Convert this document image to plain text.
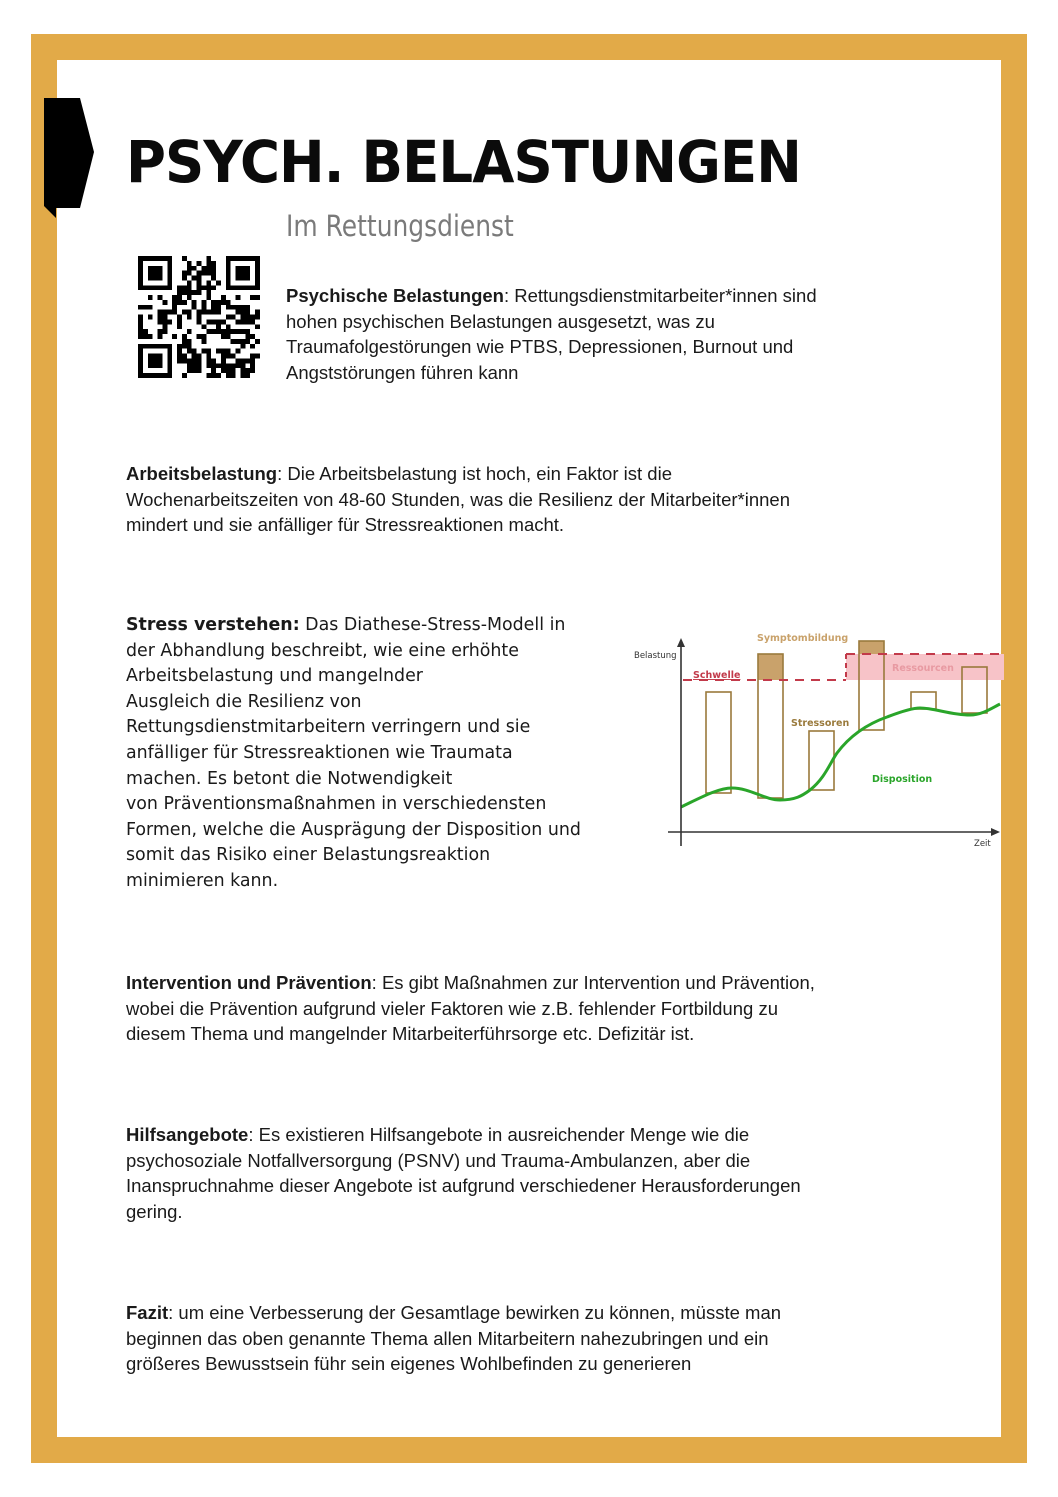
PSYCH. BELASTUNGEN
Im Rettungsdienst
Psychische Belastungen: Rettungsdienstmitarbeiter*innen sind
hohen psychischen Belastungen ausgesetzt, was zu
Traumafolgestörungen wie PTBS, Depressionen, Burnout und
Angststörungen führen kann
Arbeitsbelastung: Die Arbeitsbelastung ist hoch, ein Faktor ist die
Wochenarbeitszeiten von 48-60 Stunden, was die Resilienz der Mitarbeiter*innen
mindert und sie anfälliger für Stressreaktionen macht.
Stress verstehen: Das Diathese-Stress-Modell in
der Abhandlung beschreibt, wie eine erhöhte
Arbeitsbelastung und mangelnder
Ausgleich die Resilienz von
Rettungsdienstmitarbeitern verringern und sie
anfälliger für Stressreaktionen wie Traumata
machen. Es betont die Notwendigkeit
von Präventionsmaßnahmen in verschiedensten
Formen, welche die Ausprägung der Disposition und
somit das Risiko einer Belastungsreaktion
minimieren kann.
Intervention und Prävention: Es gibt Maßnahmen zur Intervention und Prävention,
wobei die Prävention aufgrund vieler Faktoren wie z.B. fehlender Fortbildung zu
diesem Thema und mangelnder Mitarbeiterführsorge etc. Defizitär ist.
Hilfsangebote: Es existieren Hilfsangebote in ausreichender Menge wie die
psychosoziale Notfallversorgung (PSNV) und Trauma-Ambulanzen, aber die
Inanspruchnahme dieser Angebote ist aufgrund verschiedener Herausforderungen
gering.
Fazit: um eine Verbesserung der Gesamtlage bewirken zu können, müsste man
beginnen das oben genannte Thema allen Mitarbeitern nahezubringen und ein
größeres Bewusstsein führ sein eigenes Wohlbefinden zu generieren
Belastung
Zeit
Symptombildung
Schwelle
Ressourcen
Stressoren
Disposition
